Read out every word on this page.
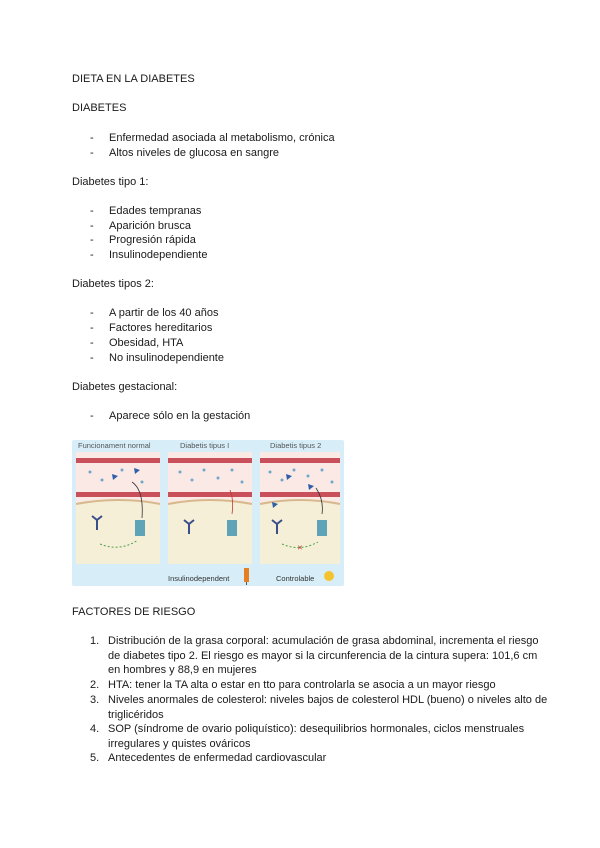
DIETA EN LA DIABETES
DIABETES
- Enfermedad asociada al metabolismo, crónica
- Altos niveles de glucosa en sangre
Diabetes tipo 1:
- Edades tempranas
- Aparición brusca
- Progresión rápida
- Insulinodependiente
Diabetes tipos 2:
- A partir de los 40 años
- Factores hereditarios
- Obesidad, HTA
- No insulinodependiente
Diabetes gestacional:
- Aparece sólo en la gestación
✕
Funcionament normal	Diabetis tipus I	Diabetis tipus 2
Insulinodependent	Controlable
FACTORES DE RIESGO
1. Distribución de la grasa corporal: acumulación de grasa abdominal, incrementa el riesgo de diabetes tipo 2. El riesgo es mayor si la circunferencia de la cintura supera: 101,6 cm en hombres y 88,9 en mujeres
2. HTA: tener la TA alta o estar en tto para controlarla se asocia a un mayor riesgo
3. Niveles anormales de colesterol: niveles bajos de colesterol HDL (bueno) o niveles alto de triglicéridos
4. SOP (síndrome de ovario poliquístico): desequilibrios hormonales, ciclos menstruales irregulares y quistes ováricos
5. Antecedentes de enfermedad cardiovascular
